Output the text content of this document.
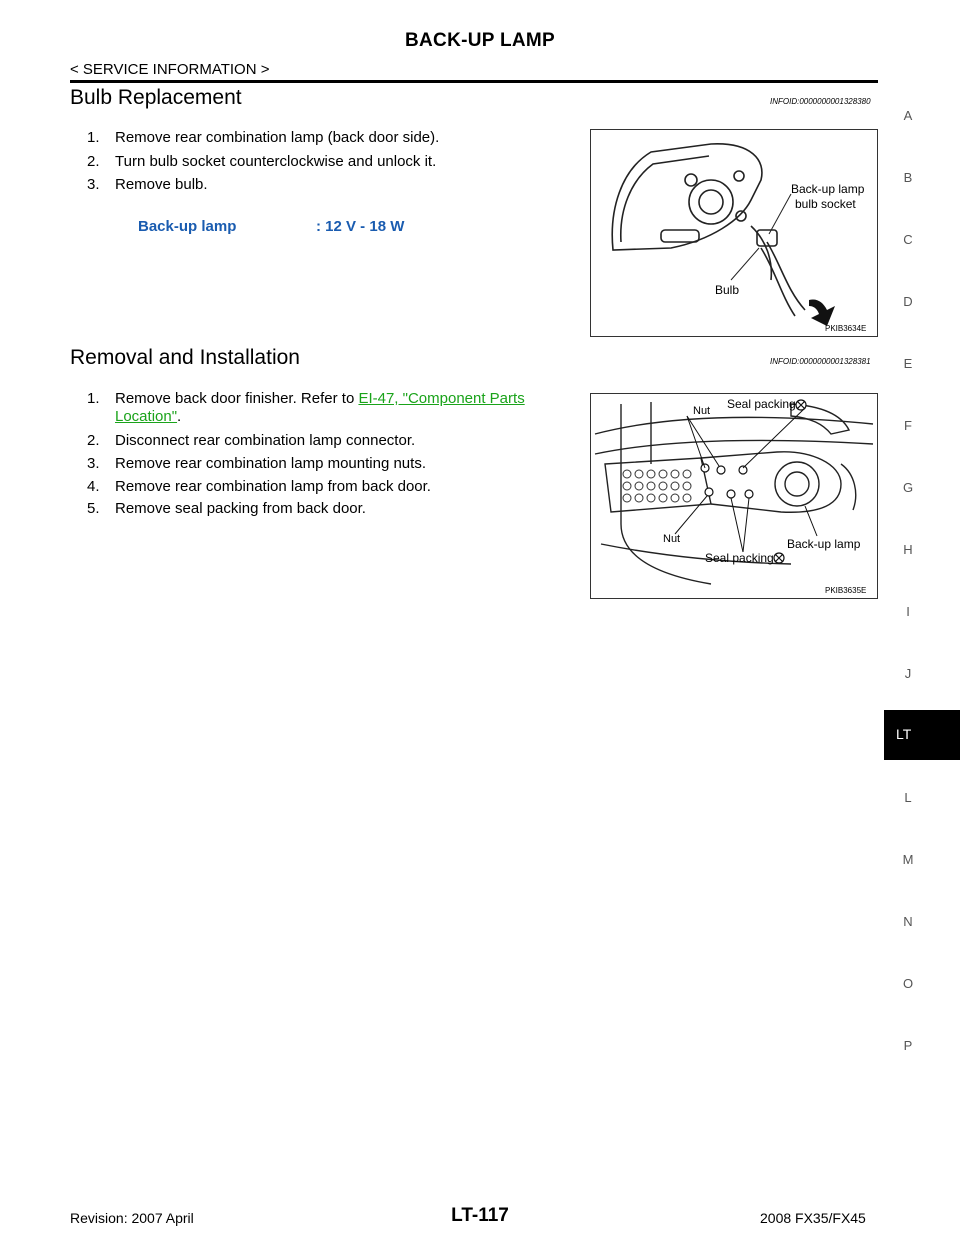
BACK-UP LAMP
< SERVICE INFORMATION >
Bulb Replacement	INFOID:0000000001328380
1. Remove rear combination lamp (back door side).
2. Turn bulb socket counterclockwise and unlock it.
3. Remove bulb.
Back-up lamp	: 12 V - 18 W
Back-up lamp
bulb socket
Bulb
PKIB3634E
Removal and Installation	INFOID:0000000001328381
1. Remove back door finisher. Refer to EI-47, "Component Parts
Location".
2. Disconnect rear combination lamp connector.
3. Remove rear combination lamp mounting nuts.
4. Remove rear combination lamp from back door.
5. Remove seal packing from back door.
Nut Seal packing
Nut
Seal packing
Back-up lamp
PKIB3635E
A
B
C
D
E
F
G
H
I
J
LT
L
M
N
O
P
Revision: 2007 April	LT-117	2008 FX35/FX45
